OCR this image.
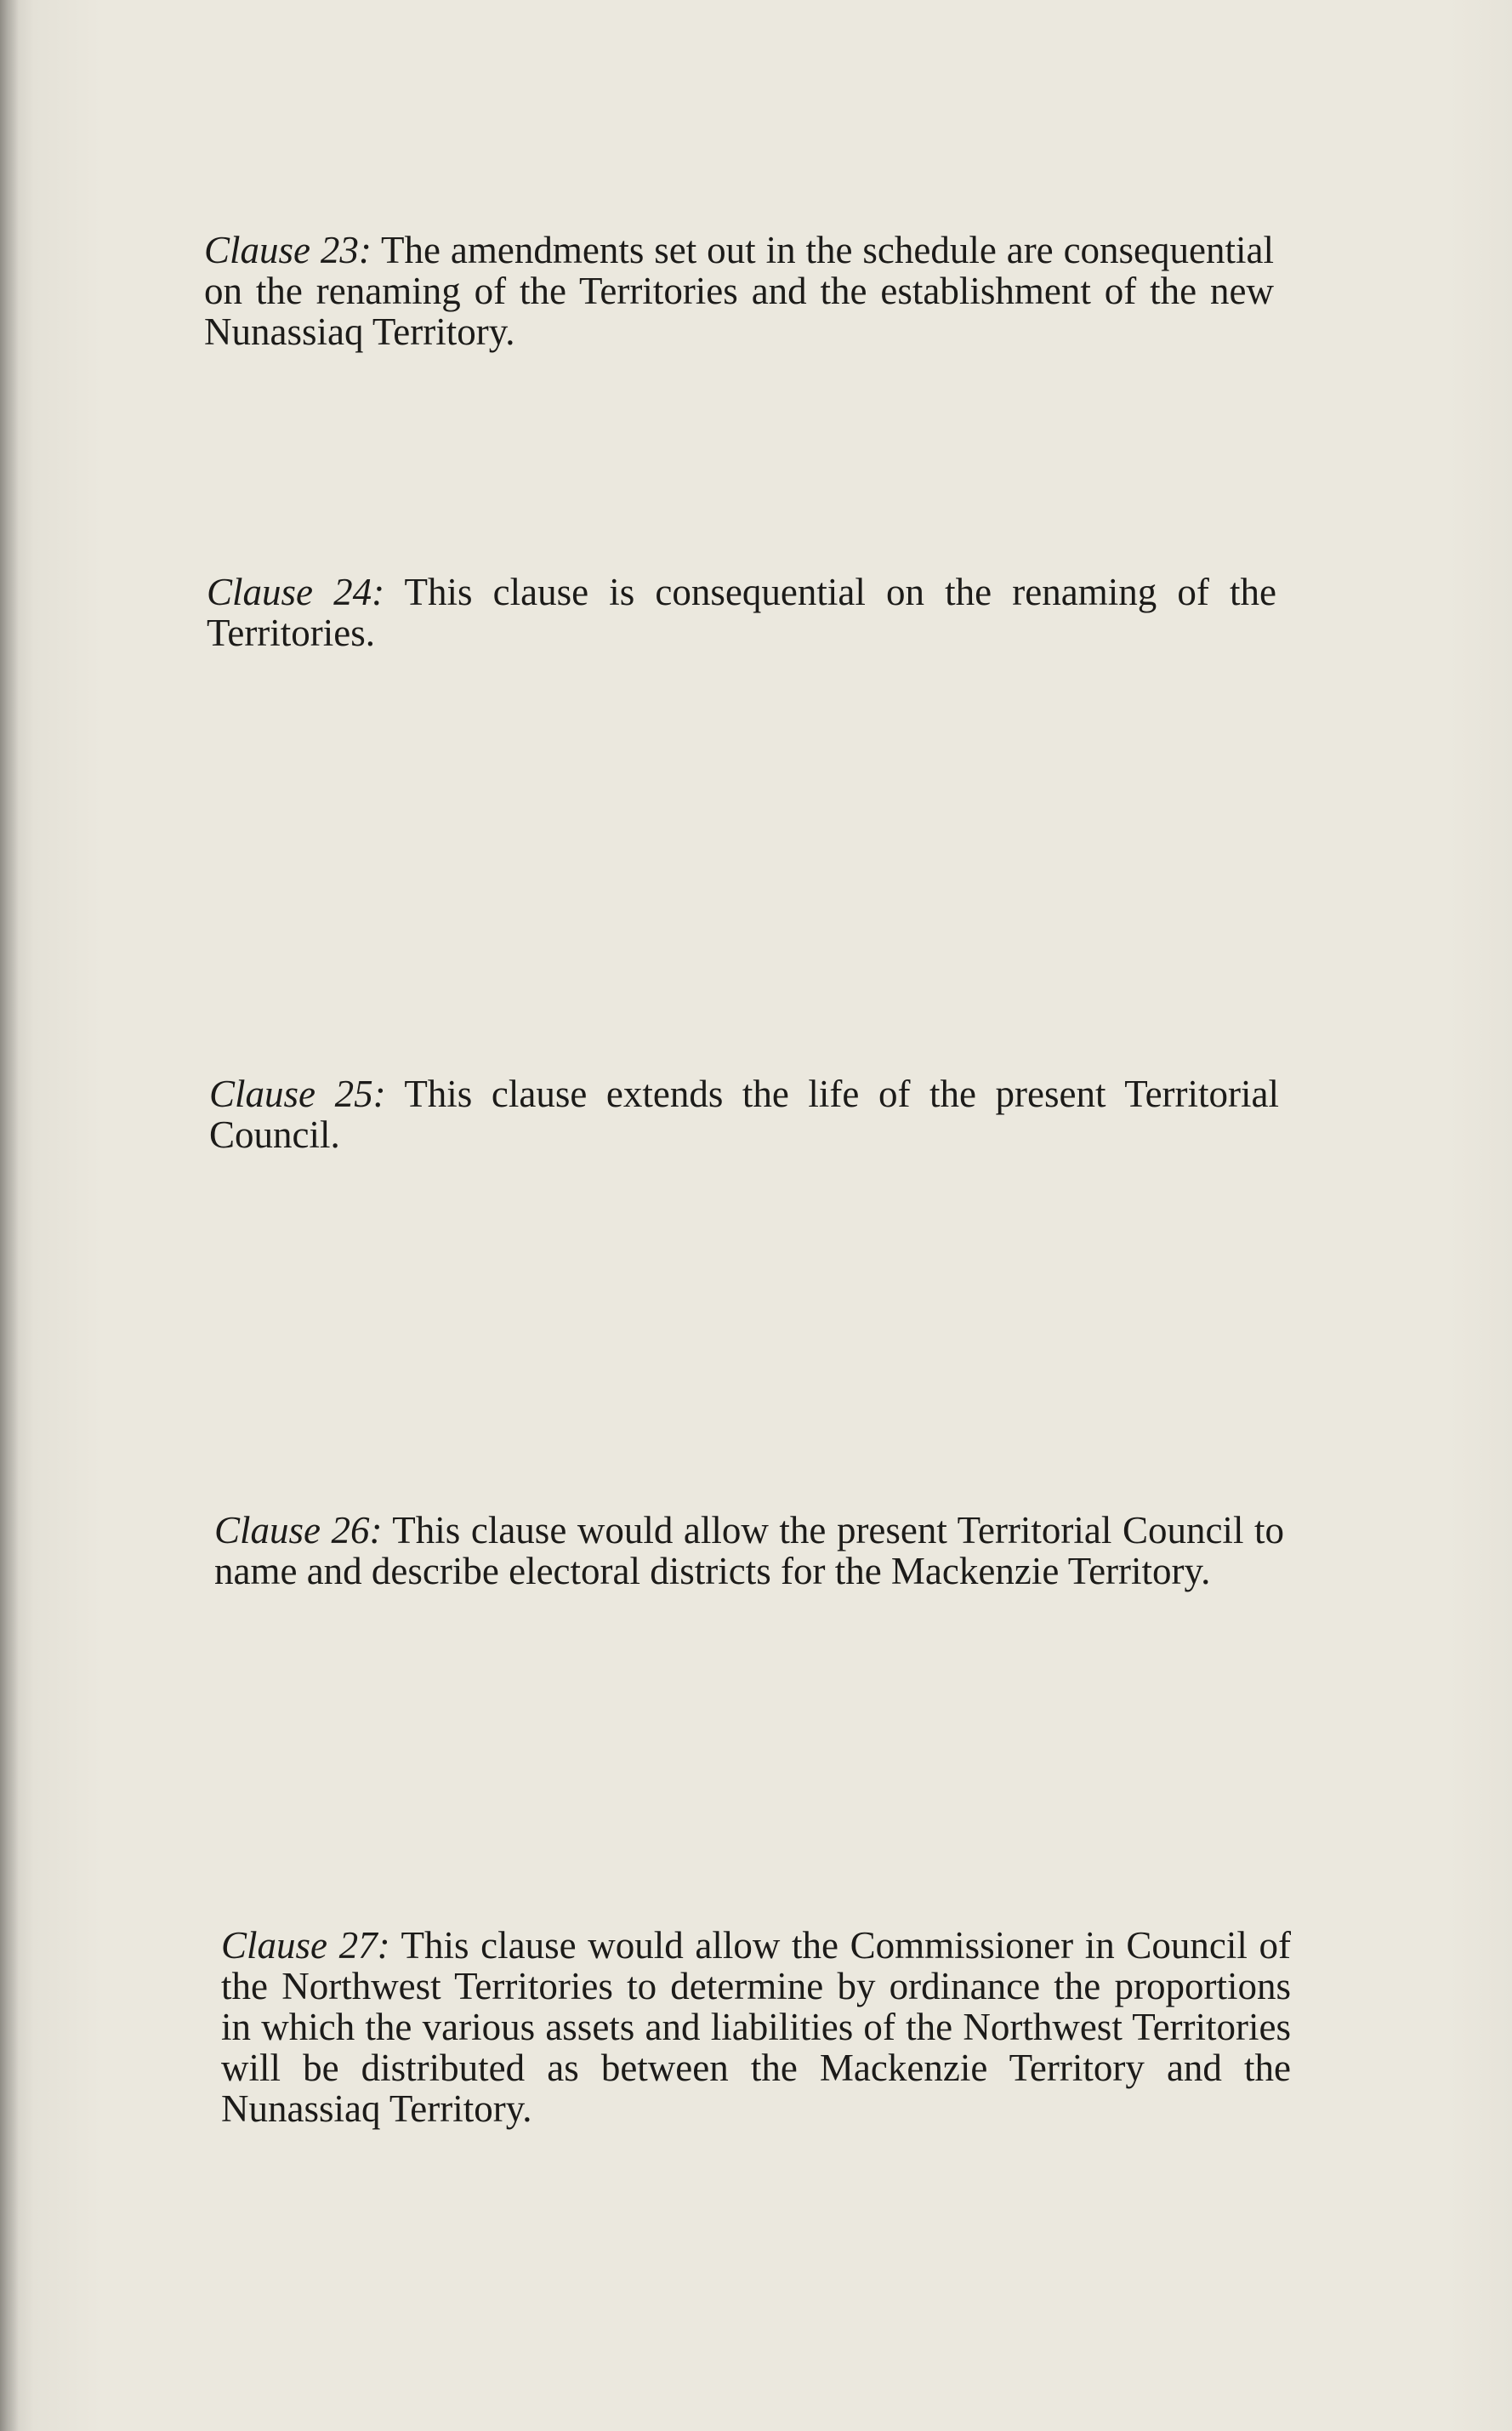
Clause 23: The amendments set out in the schedule are consequential on the renaming of the Territories and the establishment of the new Nunassiaq Territory.

Clause 24: This clause is consequential on the renaming of the Territories.

Clause 25: This clause extends the life of the present Territorial Council.

Clause 26: This clause would allow the present Territorial Council to name and describe electoral districts for the Mackenzie Territory.

Clause 27: This clause would allow the Commissioner in Council of the Northwest Territories to determine by ordinance the proportions in which the various assets and liabilities of the Northwest Territories will be distributed as between the Mackenzie Territory and the Nunassiaq Territory.
